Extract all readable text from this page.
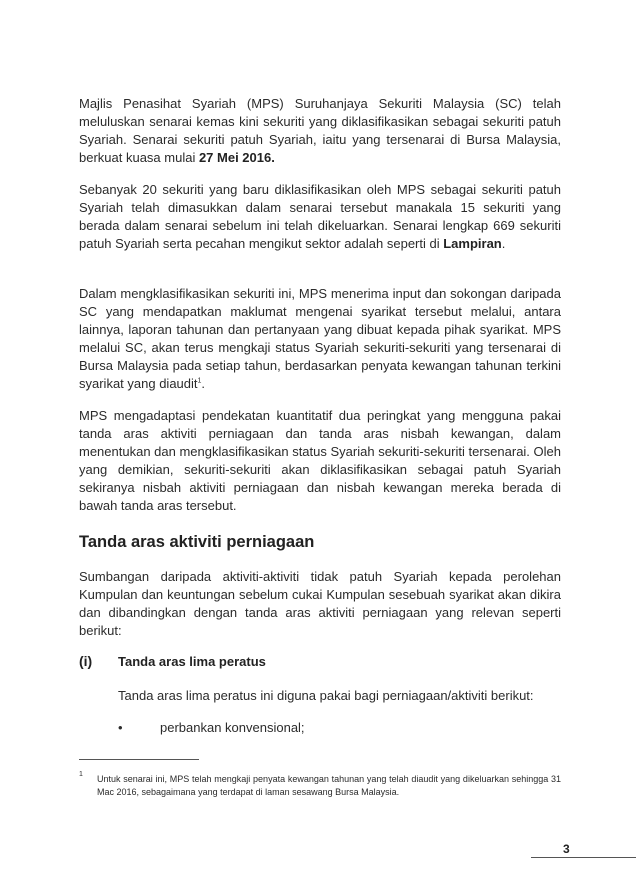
Majlis Penasihat Syariah (MPS) Suruhanjaya Sekuriti Malaysia (SC) telah meluluskan senarai kemas kini sekuriti yang diklasifikasikan sebagai sekuriti patuh Syariah. Senarai sekuriti patuh Syariah, iaitu yang tersenarai di Bursa Malaysia, berkuat kuasa mulai 27 Mei 2016.

Sebanyak 20 sekuriti yang baru diklasifikasikan oleh MPS sebagai sekuriti patuh Syariah telah dimasukkan dalam senarai tersebut manakala 15 sekuriti yang berada dalam senarai sebelum ini telah dikeluarkan. Senarai lengkap 669 sekuriti patuh Syariah serta pecahan mengikut sektor adalah seperti di Lampiran.

Dalam mengklasifikasikan sekuriti ini, MPS menerima input dan sokongan daripada SC yang mendapatkan maklumat mengenai syarikat tersebut melalui, antara lainnya, laporan tahunan dan pertanyaan yang dibuat kepada pihak syarikat. MPS melalui SC, akan terus mengkaji status Syariah sekuriti-sekuriti yang tersenarai di Bursa Malaysia pada setiap tahun, berdasarkan penyata kewangan tahunan terkini syarikat yang diaudit$^1$.

MPS mengadaptasi pendekatan kuantitatif dua peringkat yang mengguna pakai tanda aras aktiviti perniagaan dan tanda aras nisbah kewangan, dalam menentukan dan mengklasifikasikan status Syariah sekuriti-sekuriti tersenarai. Oleh yang demikian, sekuriti-sekuriti akan diklasifikasikan sebagai patuh Syariah sekiranya nisbah aktiviti perniagaan dan nisbah kewangan mereka berada di bawah tanda aras tersebut.

Tanda aras aktiviti perniagaan

Sumbangan daripada aktiviti-aktiviti tidak patuh Syariah kepada perolehan Kumpulan dan keuntungan sebelum cukai Kumpulan sesebuah syarikat akan dikira dan dibandingkan dengan tanda aras aktiviti perniagaan yang relevan seperti berikut:

(i) Tanda aras lima peratus

Tanda aras lima peratus ini diguna pakai bagi perniagaan/aktiviti berikut:

•	perbankan konvensional;
1 Untuk senarai ini, MPS telah mengkaji penyata kewangan tahunan yang telah diaudit yang dikeluarkan sehingga 31 Mac 2016, sebagaimana yang terdapat di laman sesawang Bursa Malaysia.

3
